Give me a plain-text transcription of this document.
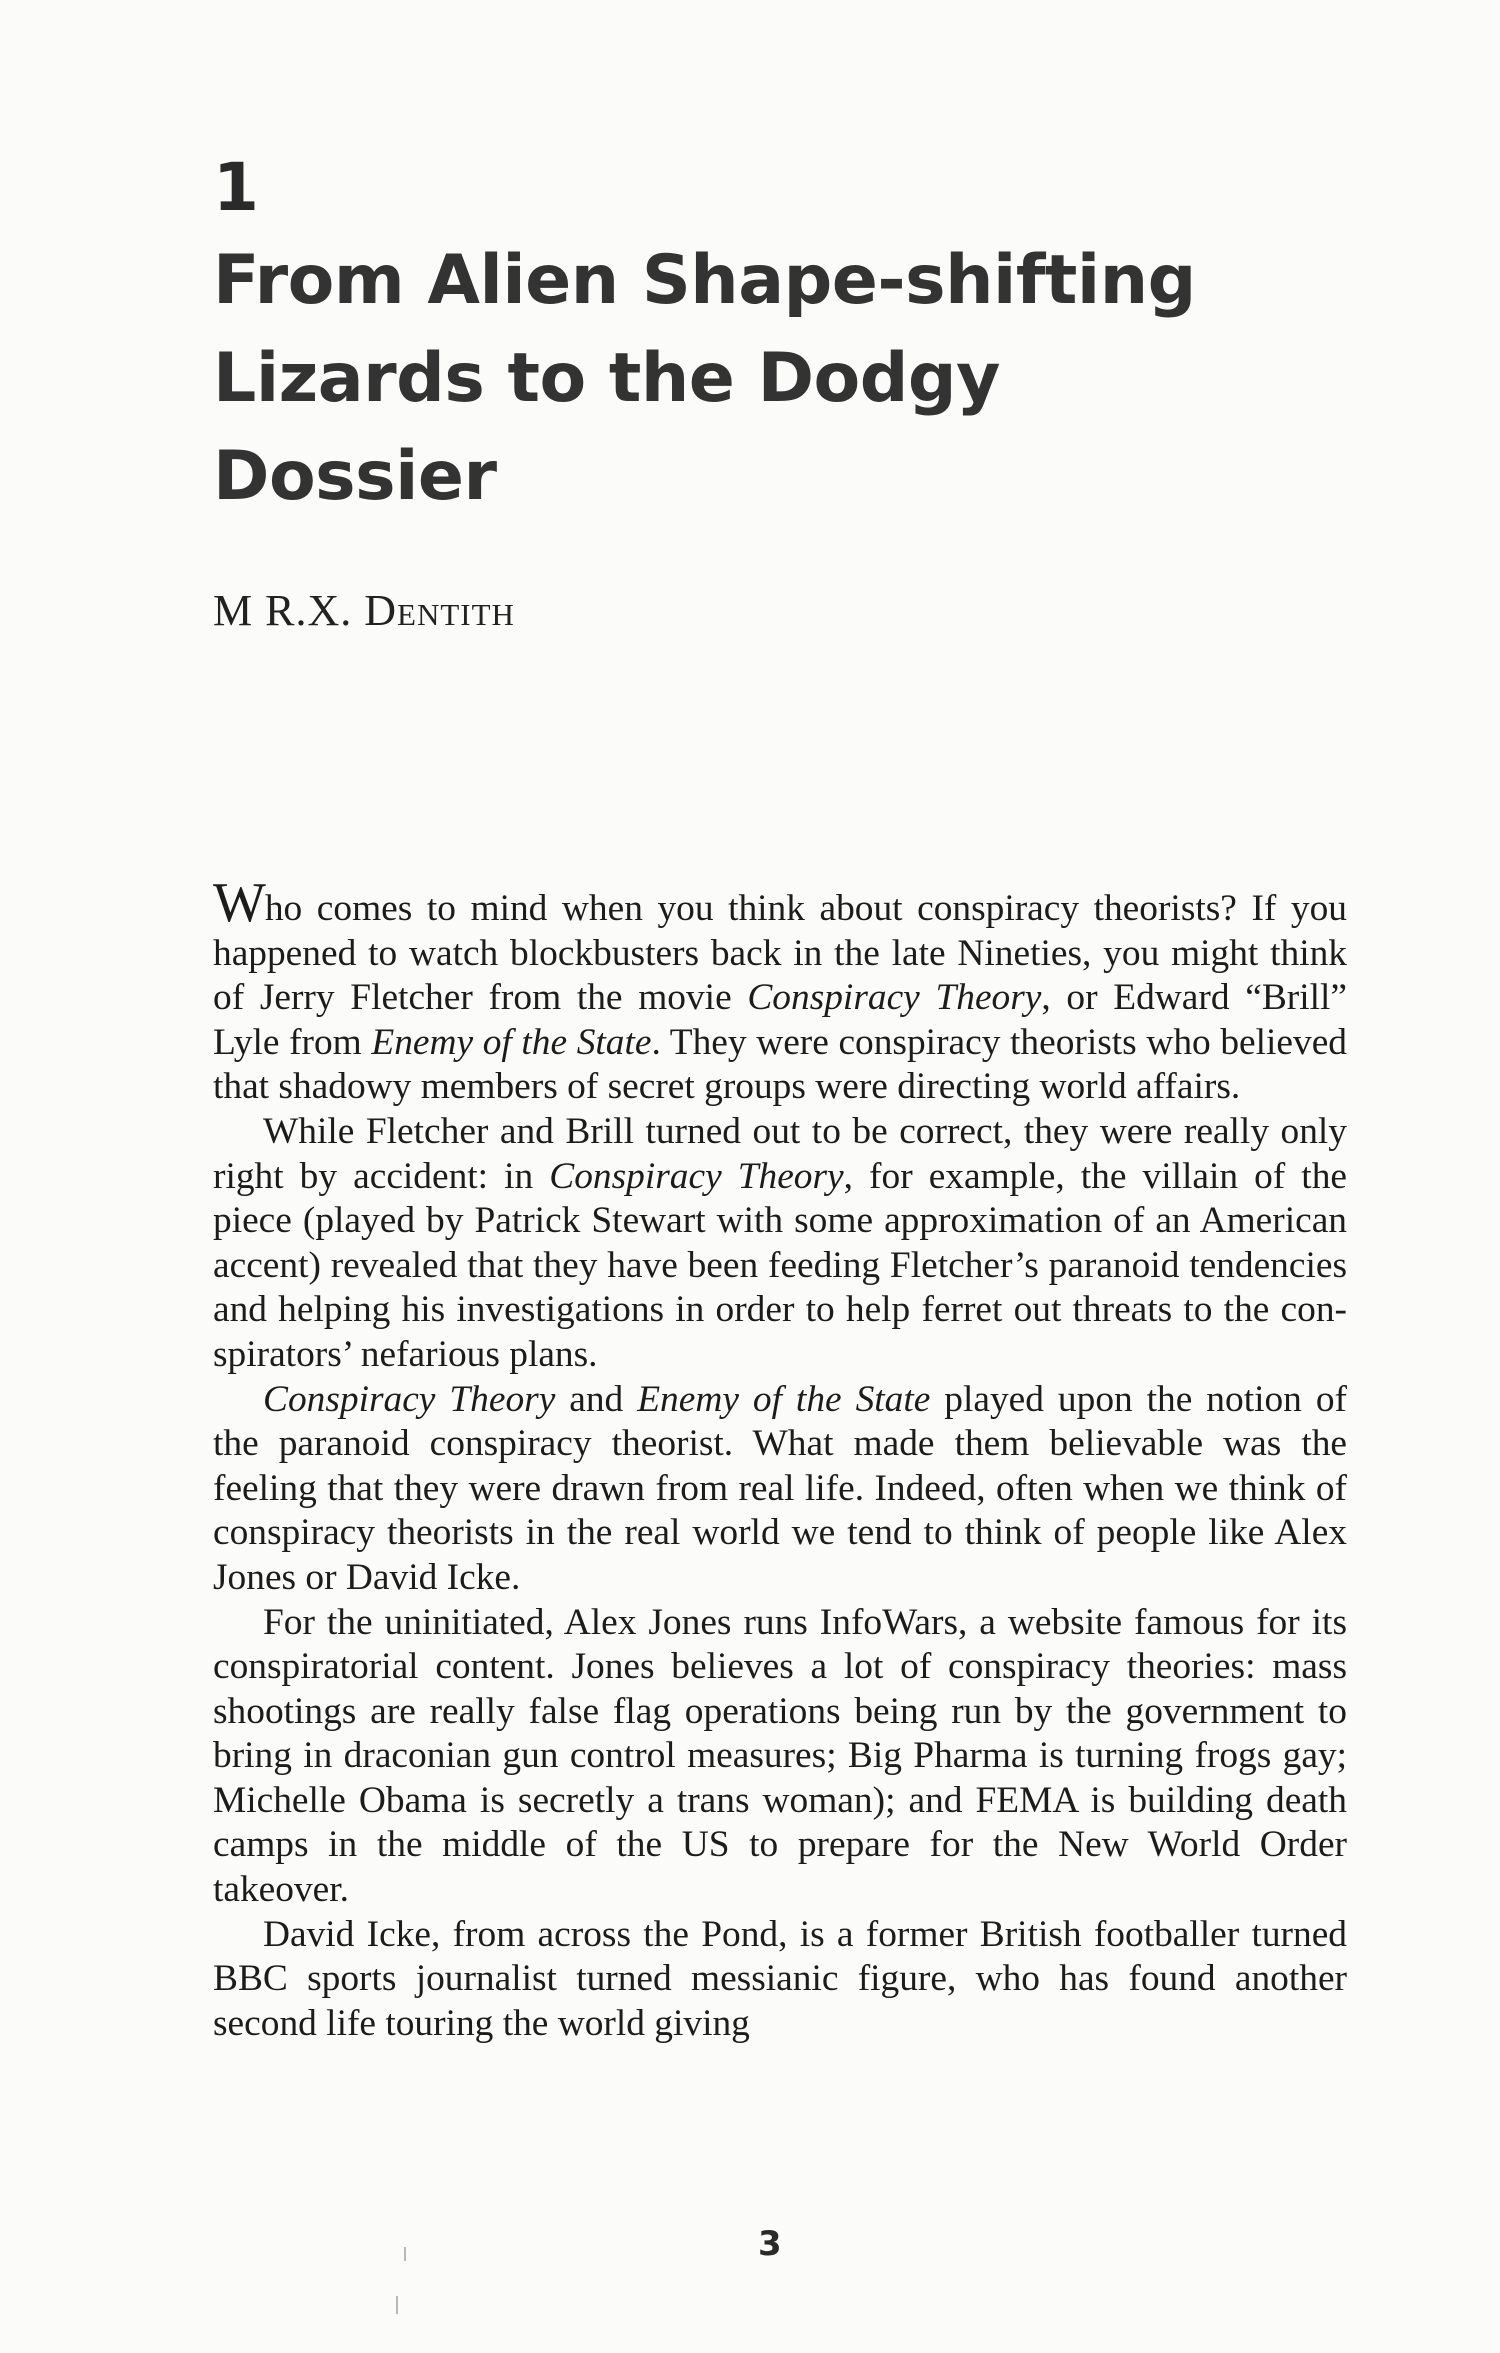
1
From Alien Shape-shifting
Lizards to the Dodgy
Dossier
M R.X. Dentith

Who comes to mind when you think about conspiracy theorists? If you happened to watch blockbusters back in the late Nineties, you might think of Jerry Fletcher from the movie Conspiracy Theory, or Edward “Brill” Lyle from Enemy of the State. They were conspiracy theorists who believed that shadowy members of secret groups were directing world affairs.

While Fletcher and Brill turned out to be correct, they were really only right by accident: in Conspiracy Theory, for example, the villain of the piece (played by Patrick Stewart with some approximation of an American accent) revealed that they have been feeding Fletcher’s paranoid tendencies and helping his investigations in order to help ferret out threats to the conspirators’ nefarious plans.

Conspiracy Theory and Enemy of the State played upon the notion of the paranoid conspiracy theorist. What made them believable was the feeling that they were drawn from real life. Indeed, often when we think of conspiracy theorists in the real world we tend to think of people like Alex Jones or David Icke.

For the uninitiated, Alex Jones runs InfoWars, a website famous for its conspiratorial content. Jones believes a lot of conspiracy theories: mass shootings are really false flag operations being run by the government to bring in draconian gun control measures; Big Pharma is turning frogs gay; Michelle Obama is secretly a trans woman); and FEMA is building death camps in the middle of the US to prepare for the New World Order takeover.

David Icke, from across the Pond, is a former British footballer turned BBC sports journalist turned messianic figure, who has found another second life touring the world giving

3
